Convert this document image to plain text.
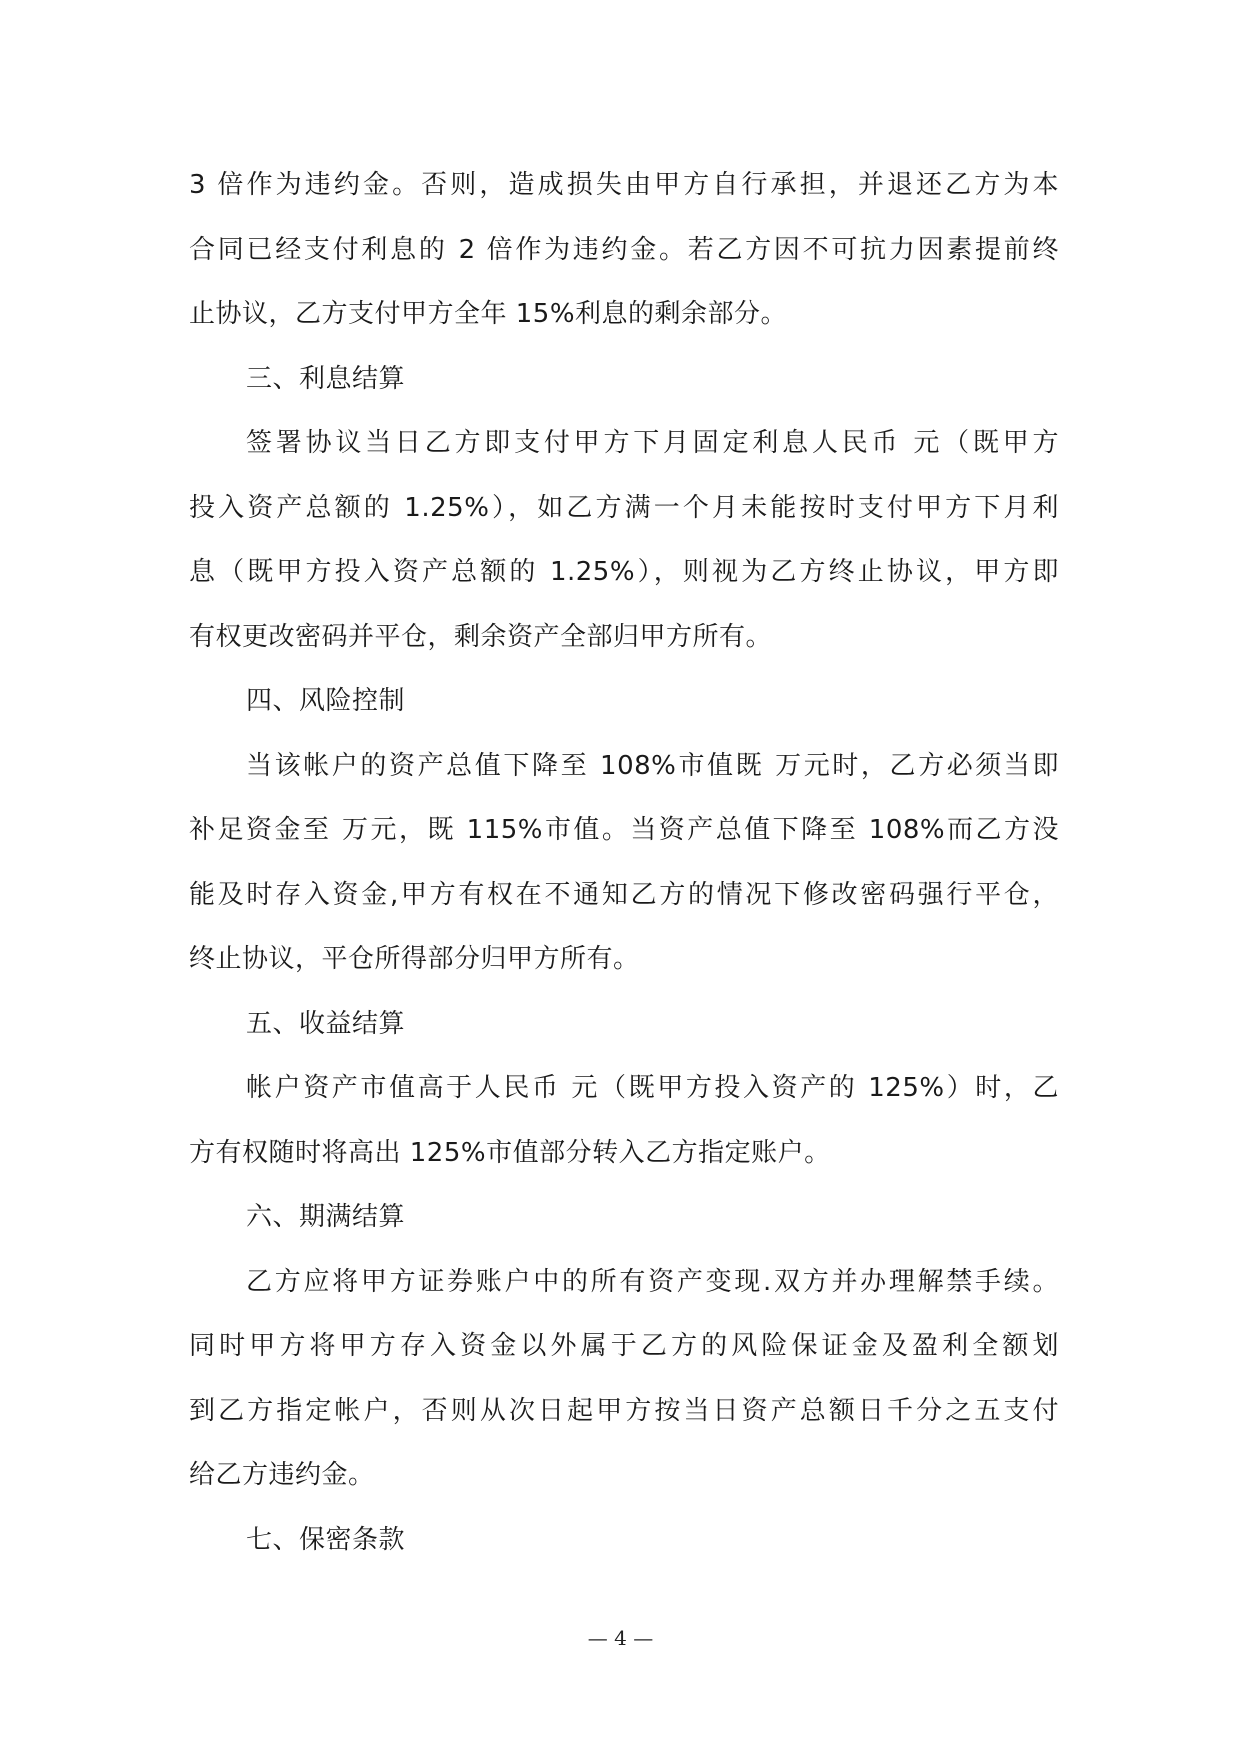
3 倍作为违约金。否则，造成损失由甲方自行承担，并退还乙方为本
合同已经支付利息的 2 倍作为违约金。若乙方因不可抗力因素提前终
止协议，乙方支付甲方全年 15%利息的剩余部分。
三、利息结算
签署协议当日乙方即支付甲方下月固定利息人民币 元（既甲方
投入资产总额的 1.25%），如乙方满一个月未能按时支付甲方下月利
息（既甲方投入资产总额的 1.25%），则视为乙方终止协议，甲方即
有权更改密码并平仓，剩余资产全部归甲方所有。
四、风险控制
当该帐户的资产总值下降至 108%市值既 万元时，乙方必须当即
补足资金至 万元，既 115%市值。当资产总值下降至 108%而乙方没
能及时存入资金,甲方有权在不通知乙方的情况下修改密码强行平仓，
终止协议，平仓所得部分归甲方所有。
五、收益结算
帐户资产市值高于人民币 元（既甲方投入资产的 125%）时，乙
方有权随时将高出 125%市值部分转入乙方指定账户。
六、期满结算
乙方应将甲方证券账户中的所有资产变现.双方并办理解禁手续。
同时甲方将甲方存入资金以外属于乙方的风险保证金及盈利全额划
到乙方指定帐户，否则从次日起甲方按当日资产总额日千分之五支付
给乙方违约金。
七、保密条款
— 4 —
